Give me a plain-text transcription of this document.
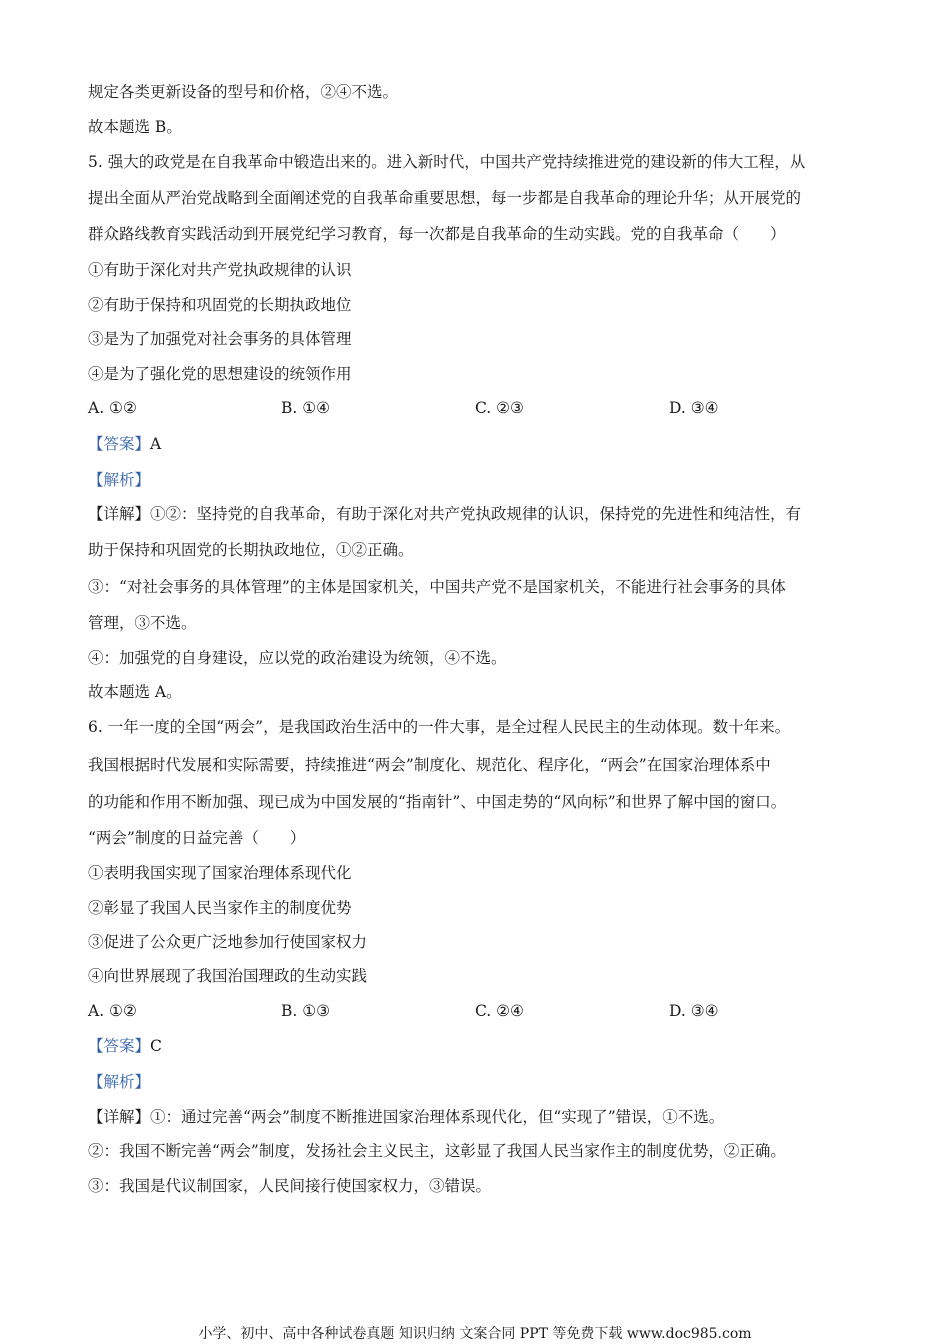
规定各类更新设备的型号和价格，②④不选。
故本题选 B。
5. 强大的政党是在自我革命中锻造出来的。进入新时代，中国共产党持续推进党的建设新的伟大工程，从
提出全面从严治党战略到全面阐述党的自我革命重要思想，每一步都是自我革命的理论升华；从开展党的
群众路线教育实践活动到开展党纪学习教育，每一次都是自我革命的生动实践。党的自我革命（　　）
①有助于深化对共产党执政规律的认识
②有助于保持和巩固党的长期执政地位
③是为了加强党对社会事务的具体管理
④是为了强化党的思想建设的统领作用
A. ①②	B. ①④	C. ②③	D. ③④
【答案】A
【解析】
【详解】①②：坚持党的自我革命，有助于深化对共产党执政规律的认识，保持党的先进性和纯洁性，有
助于保持和巩固党的长期执政地位，①②正确。
③：“对社会事务的具体管理”的主体是国家机关，中国共产党不是国家机关，不能进行社会事务的具体
管理，③不选。
④：加强党的自身建设，应以党的政治建设为统领，④不选。
故本题选 A。
6. 一年一度的全国“两会”，是我国政治生活中的一件大事，是全过程人民民主的生动体现。数十年来。
我国根据时代发展和实际需要，持续推进“两会”制度化、规范化、程序化，“两会”在国家治理体系中
的功能和作用不断加强、现已成为中国发展的“指南针”、中国走势的“风向标”和世界了解中国的窗口。
“两会”制度的日益完善（　　）
①表明我国实现了国家治理体系现代化
②彰显了我国人民当家作主的制度优势
③促进了公众更广泛地参加行使国家权力
④向世界展现了我国治国理政的生动实践
A. ①②	B. ①③	C. ②④	D. ③④
【答案】C
【解析】
【详解】①：通过完善“两会”制度不断推进国家治理体系现代化，但“实现了”错误，①不选。
②：我国不断完善“两会”制度，发扬社会主义民主，这彰显了我国人民当家作主的制度优势，②正确。
③：我国是代议制国家，人民间接行使国家权力，③错误。
小学、初中、高中各种试卷真题 知识归纳 文案合同 PPT 等免费下载 www.doc985.com
